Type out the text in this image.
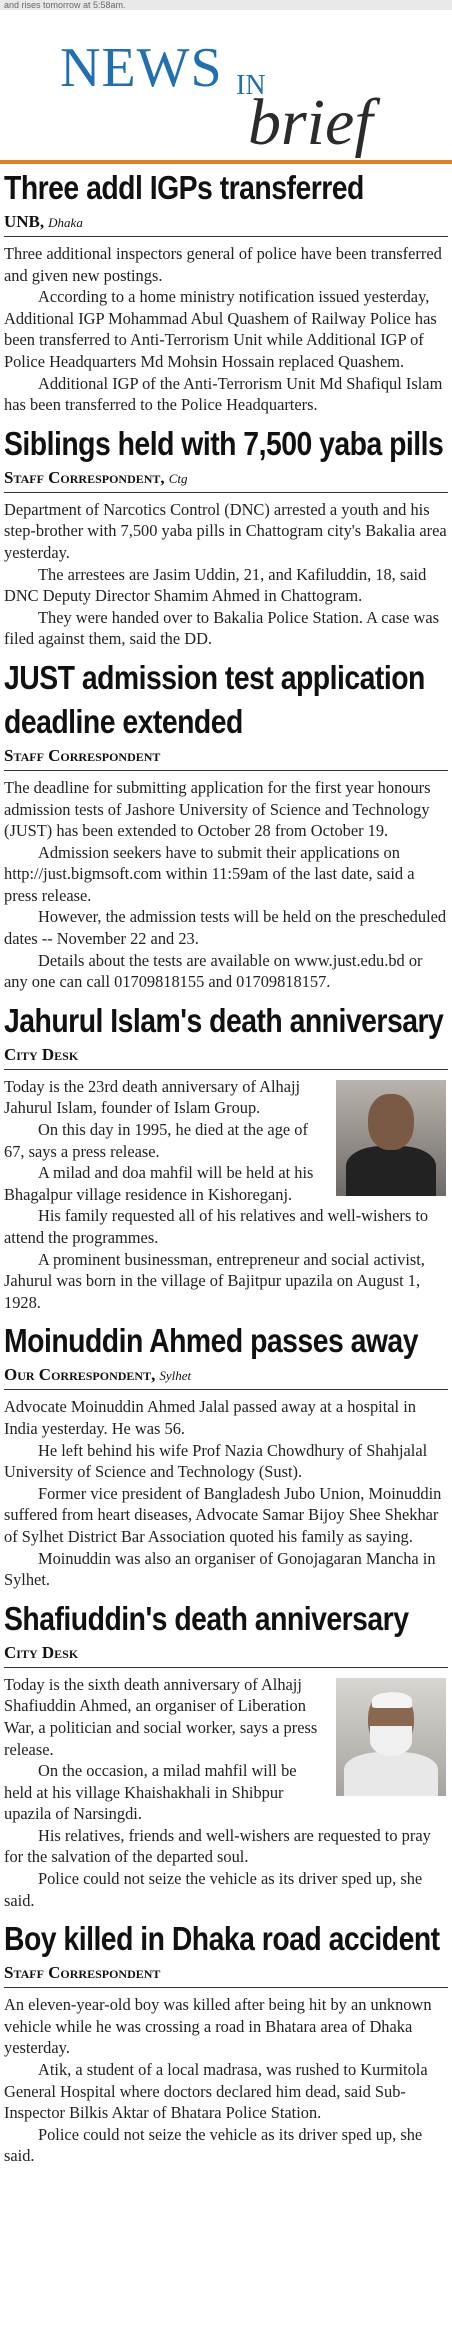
and rises tomorrow at 5:58am.
NEWS IN
brief
Three addl IGPs transferred
UNB, Dhaka

Three additional inspectors general of police have been transferred and given new postings.

According to a home ministry notification issued yesterday, Additional IGP Mohammad Abul Quashem of Railway Police has been transferred to Anti-Terrorism Unit while Additional IGP of Police Headquarters Md Mohsin Hossain replaced Quashem.

Additional IGP of the Anti-Terrorism Unit Md Shafiqul Islam has been transferred to the Police Headquarters.

Siblings held with 7,500 yaba pills
Staff Correspondent, Ctg

Department of Narcotics Control (DNC) arrested a youth and his step-brother with 7,500 yaba pills in Chattogram city's Bakalia area yesterday.

The arrestees are Jasim Uddin, 21, and Kafiluddin, 18, said DNC Deputy Director Shamim Ahmed in Chattogram.

They were handed over to Bakalia Police Station. A case was filed against them, said the DD.

JUST admission test application deadline extended
Staff Correspondent

The deadline for submitting application for the first year honours admission tests of Jashore University of Science and Technology (JUST) has been extended to October 28 from October 19.

Admission seekers have to submit their applications on http://just.bigmsoft.com within 11:59am of the last date, said a press release.

However, the admission tests will be held on the prescheduled dates -- November 22 and 23.

Details about the tests are available on www.just.edu.bd or any one can call 01709818155 and 01709818157.

Jahurul Islam's death anniversary
City Desk

Today is the 23rd death anniversary of Alhajj Jahurul Islam, founder of Islam Group.

On this day in 1995, he died at the age of 67, says a press release.

A milad and doa mahfil will be held at his Bhagalpur village residence in Kishoreganj.

His family requested all of his relatives and well-wishers to attend the programmes.

A prominent businessman, entrepreneur and social activist, Jahurul was born in the village of Bajitpur upazila on August 1, 1928.

Moinuddin Ahmed passes away
Our Correspondent, Sylhet

Advocate Moinuddin Ahmed Jalal passed away at a hospital in India yesterday. He was 56.

He left behind his wife Prof Nazia Chowdhury of Shahjalal University of Science and Technology (Sust).

Former vice president of Bangladesh Jubo Union, Moinuddin suffered from heart diseases, Advocate Samar Bijoy Shee Shekhar of Sylhet District Bar Association quoted his family as saying.

Moinuddin was also an organiser of Gonojagaran Mancha in Sylhet.

Shafiuddin's death anniversary
City Desk

Today is the sixth death anniversary of Alhajj Shafiuddin Ahmed, an organiser of Liberation War, a politician and social worker, says a press release.

On the occasion, a milad mahfil will be held at his village Khaishakhali in Shibpur upazila of Narsingdi.

His relatives, friends and well-wishers are requested to pray for the salvation of the departed soul.

Police could not seize the vehicle as its driver sped up, she said.

Boy killed in Dhaka road accident
Staff Correspondent

An eleven-year-old boy was killed after being hit by an unknown vehicle while he was crossing a road in Bhatara area of Dhaka yesterday.

Atik, a student of a local madrasa, was rushed to Kurmitola General Hospital where doctors declared him dead, said Sub-Inspector Bilkis Aktar of Bhatara Police Station.

Police could not seize the vehicle as its driver sped up, she said.
